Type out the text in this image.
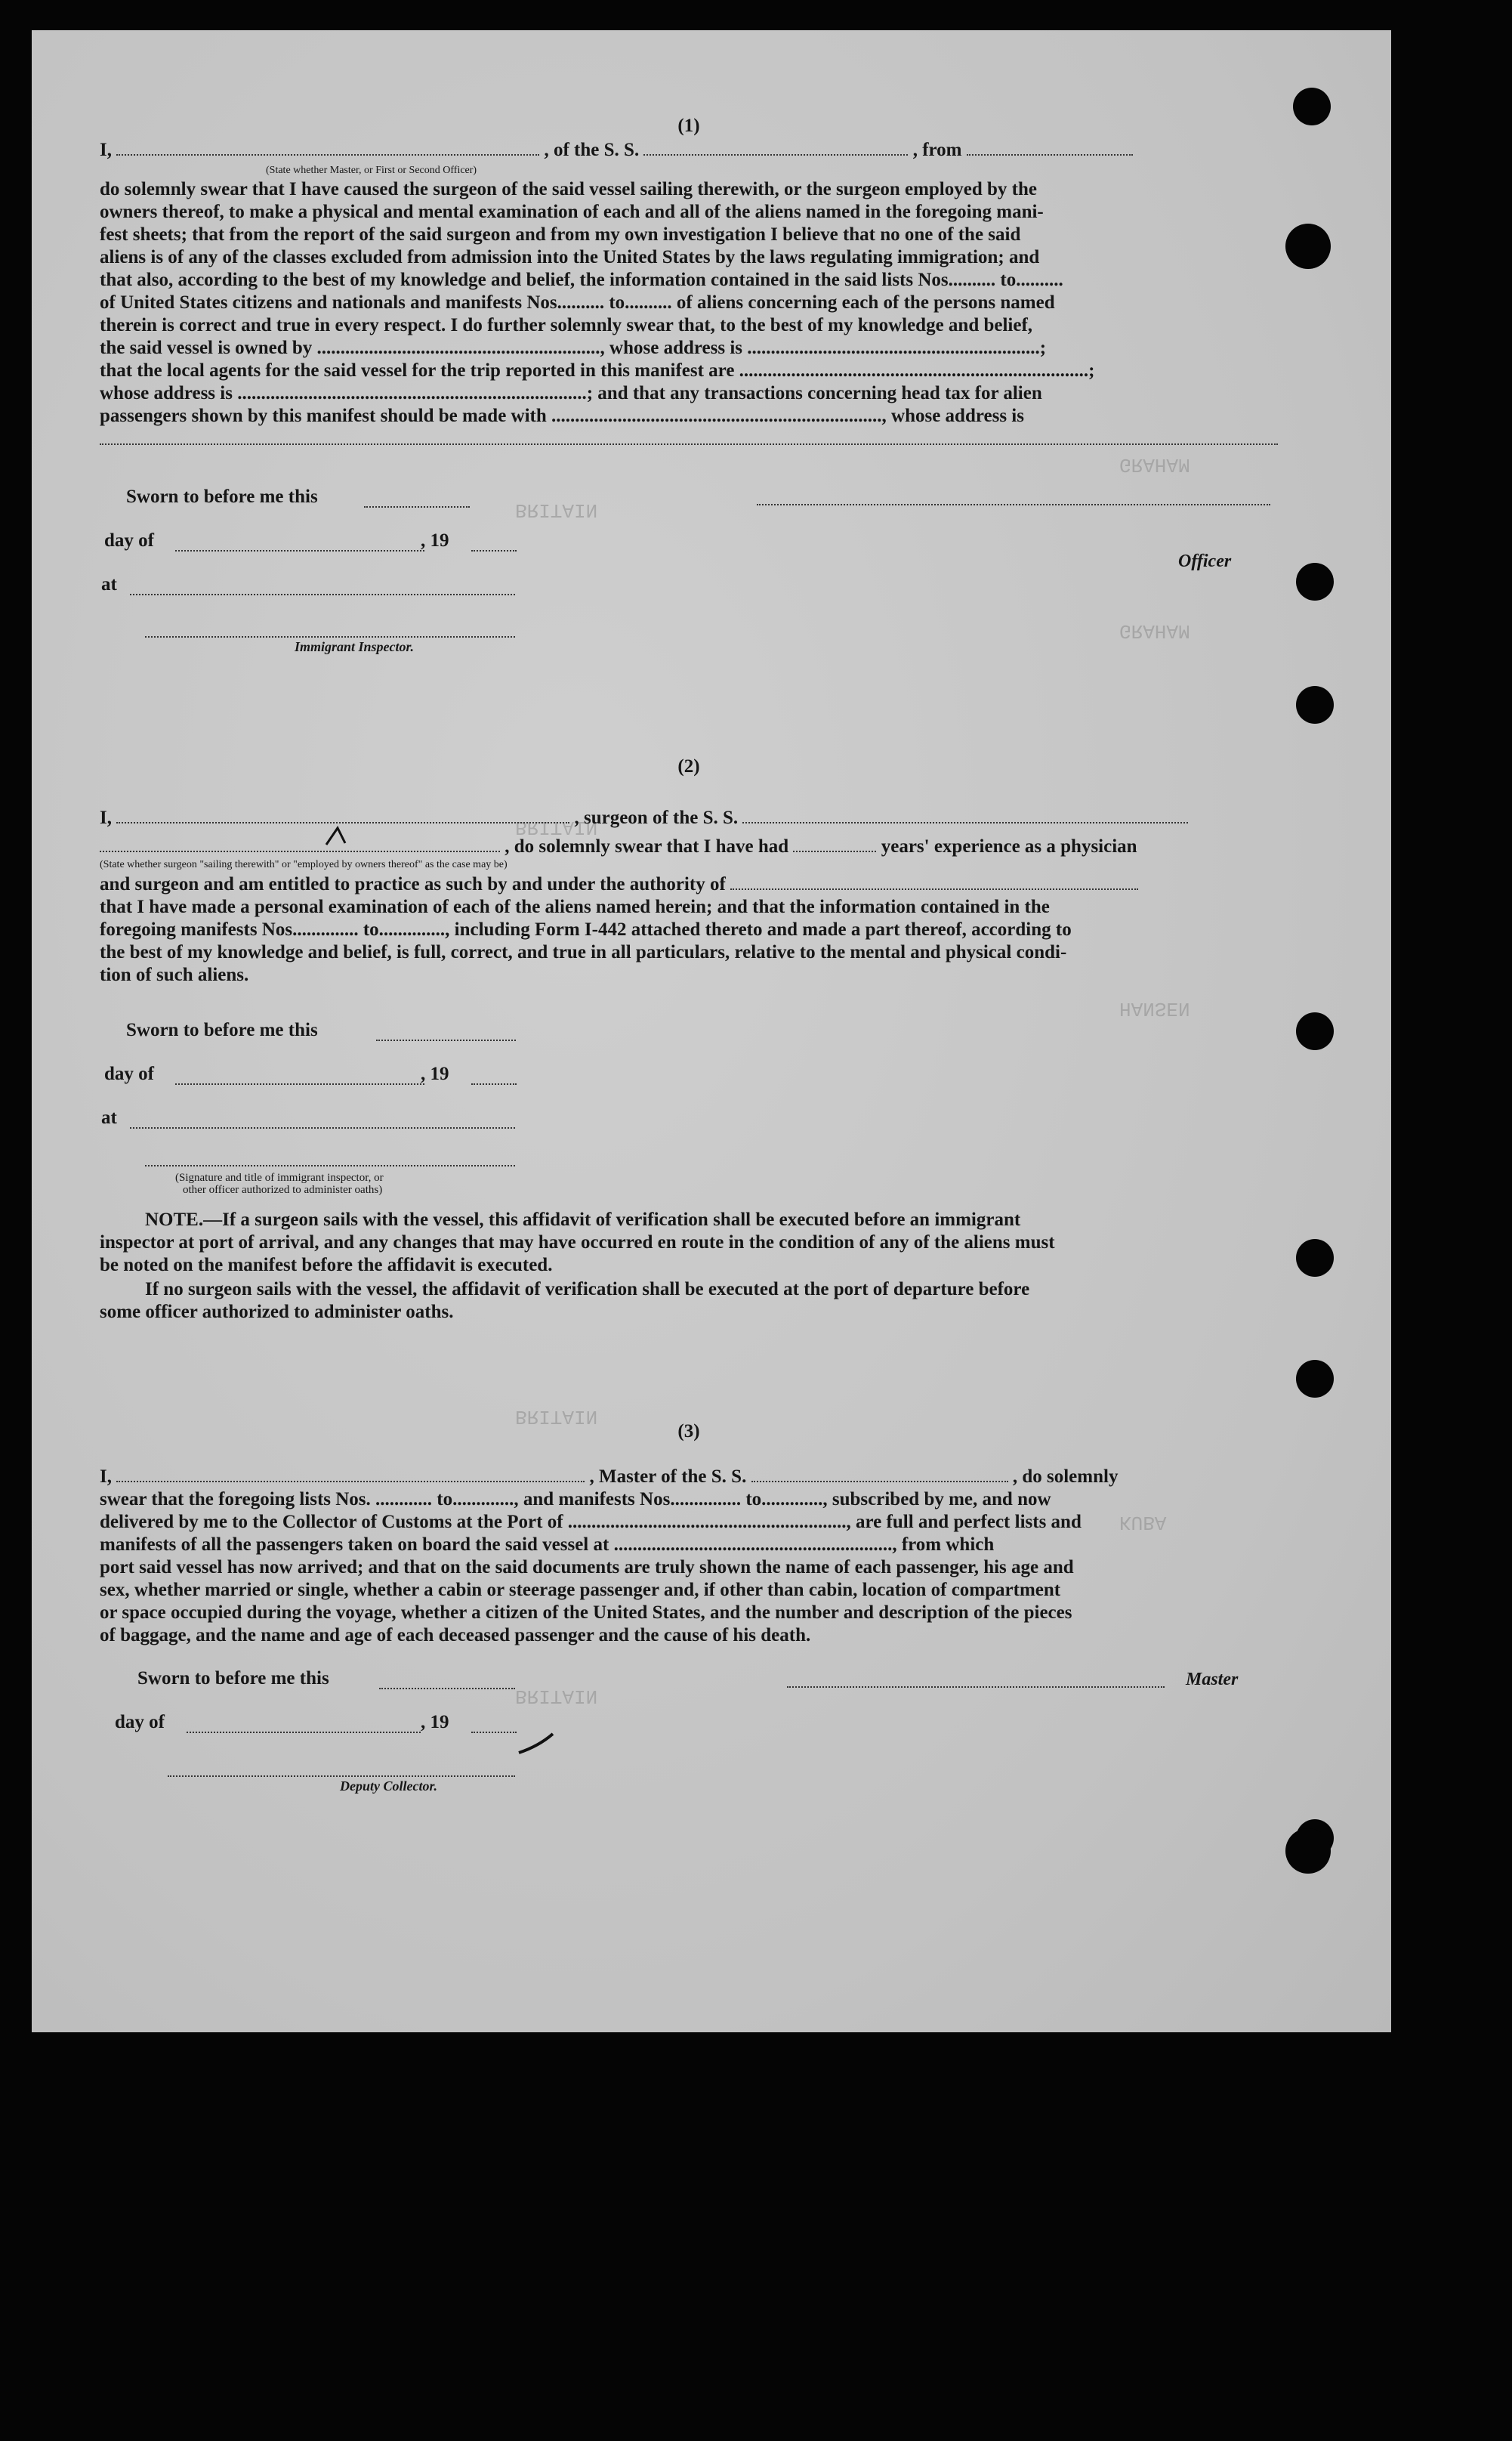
GRAHAM
GRAHAM
HANSEN
KUBA
BRITAIN
BRITAIN
BRITAIN
BRITAIN
(1)
I,	, of the S. S.	, from
(State whether Master, or First or Second Officer)
do solemnly swear that I have caused the surgeon of the said vessel sailing therewith, or the surgeon employed by the
owners thereof, to make a physical and mental examination of each and all of the aliens named in the foregoing mani-
fest sheets; that from the report of the said surgeon and from my own investigation I believe that no one of the said
aliens is of any of the classes excluded from admission into the United States by the laws regulating immigration; and
that also, according to the best of my knowledge and belief, the information contained in the said lists Nos.......... to..........
of United States citizens and nationals and manifests Nos.......... to.......... of aliens concerning each of the persons named
therein is correct and true in every respect. I do further solemnly swear that, to the best of my knowledge and belief,
the said vessel is owned by ............................................................, whose address is ..............................................................;
that the local agents for the said vessel for the trip reported in this manifest are ..........................................................................;
whose address is ..........................................................................; and that any transactions concerning head tax for alien
passengers shown by this manifest should be made with ......................................................................, whose address is
Sworn to before me this
day of	, 19
Officer
at
Immigrant Inspector.
(2)
I,	, surgeon of the S. S.
, do solemnly swear that I have had	years' experience as a physician
(State whether surgeon "sailing therewith" or "employed by owners thereof" as the case may be)
and surgeon and am entitled to practice as such by and under the authority of
that I have made a personal examination of each of the aliens named herein; and that the information contained in the
foregoing manifests Nos.............. to.............., including Form I-442 attached thereto and made a part thereof, according to
the best of my knowledge and belief, is full, correct, and true in all particulars, relative to the mental and physical condi-
tion of such aliens.
Sworn to before me this
day of	, 19
at
(Signature and title of immigrant inspector, or
other officer authorized to administer oaths)
NOTE.—If a surgeon sails with the vessel, this affidavit of verification shall be executed before an immigrant
inspector at port of arrival, and any changes that may have occurred en route in the condition of any of the aliens must
be noted on the manifest before the affidavit is executed.
If no surgeon sails with the vessel, the affidavit of verification shall be executed at the port of departure before
some officer authorized to administer oaths.
(3)
I,	, Master of the S. S.	, do solemnly
swear that the foregoing lists Nos. ............ to............., and manifests Nos............... to............., subscribed by me, and now
delivered by me to the Collector of Customs at the Port of ..........................................................., are full and perfect lists and
manifests of all the passengers taken on board the said vessel at ..........................................................., from which
port said vessel has now arrived; and that on the said documents are truly shown the name of each passenger, his age and
sex, whether married or single, whether a cabin or steerage passenger and, if other than cabin, location of compartment
or space occupied during the voyage, whether a citizen of the United States, and the number and description of the pieces
of baggage, and the name and age of each deceased passenger and the cause of his death.
Sworn to before me this	Master
day of	, 19
Deputy Collector.
